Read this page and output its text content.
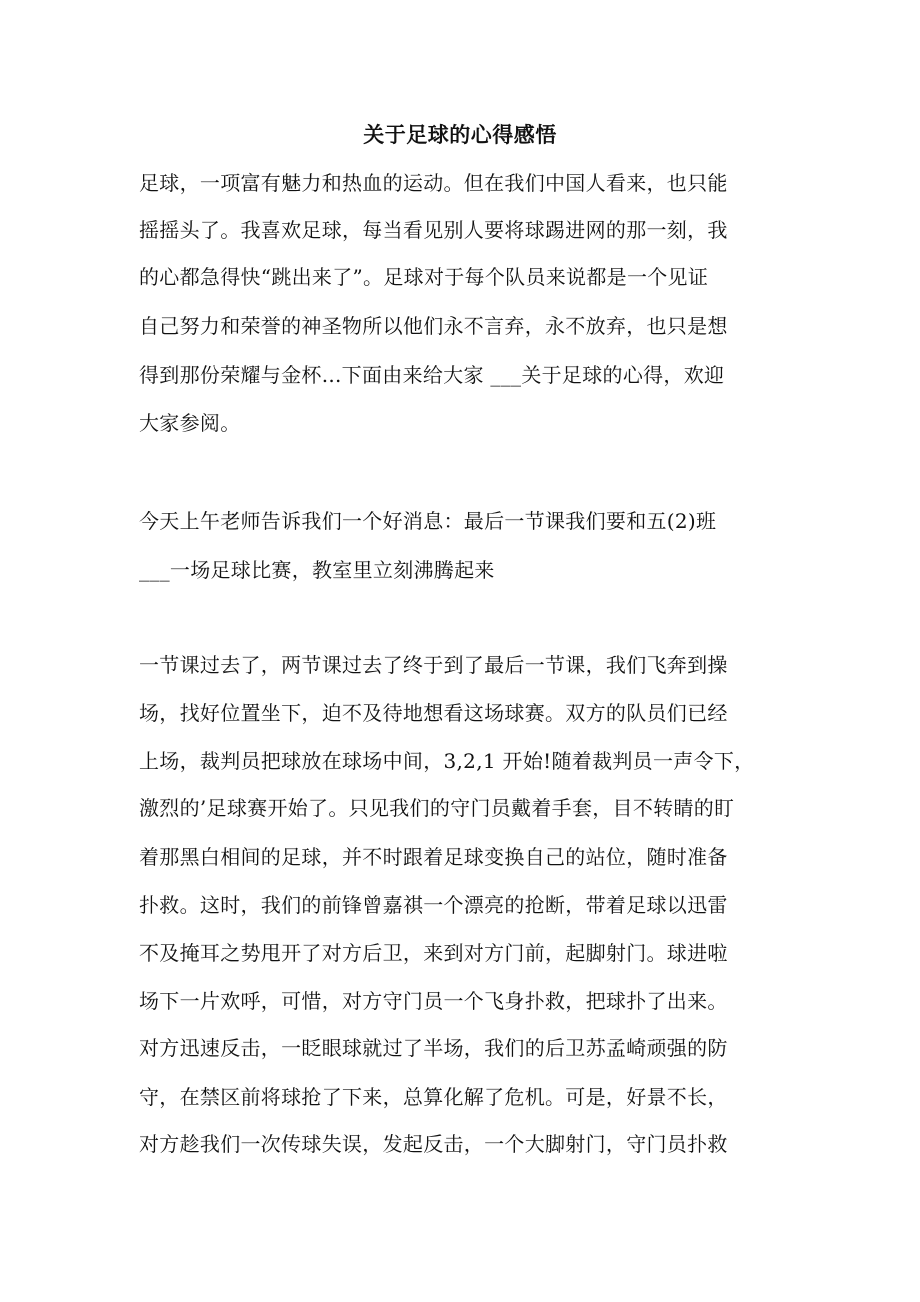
关于足球的心得感悟
足球，一项富有魅力和热血的运动。但在我们中国人看来，也只能
摇摇头了。我喜欢足球，每当看见别人要将球踢进网的那一刻，我
的心都急得快“跳出来了”。足球对于每个队员来说都是一个见证
自己努力和荣誉的神圣物所以他们永不言弃，永不放弃，也只是想
得到那份荣耀与金杯...下面由来给大家 ___关于足球的心得，欢迎
大家参阅。
今天上午老师告诉我们一个好消息：最后一节课我们要和五(2)班
___一场足球比赛，教室里立刻沸腾起来
一节课过去了，两节课过去了终于到了最后一节课，我们飞奔到操
场，找好位置坐下，迫不及待地想看这场球赛。双方的队员们已经
上场，裁判员把球放在球场中间，3,2,1 开始!随着裁判员一声令下，
激烈的’足球赛开始了。只见我们的守门员戴着手套，目不转睛的盯
着那黑白相间的足球，并不时跟着足球变换自己的站位，随时准备
扑救。这时，我们的前锋曾嘉祺一个漂亮的抢断，带着足球以迅雷
不及掩耳之势甩开了对方后卫，来到对方门前，起脚射门。球进啦
场下一片欢呼，可惜，对方守门员一个飞身扑救，把球扑了出来。
对方迅速反击，一眨眼球就过了半场，我们的后卫苏孟崎顽强的防
守，在禁区前将球抢了下来，总算化解了危机。可是，好景不长，
对方趁我们一次传球失误，发起反击，一个大脚射门，守门员扑救
